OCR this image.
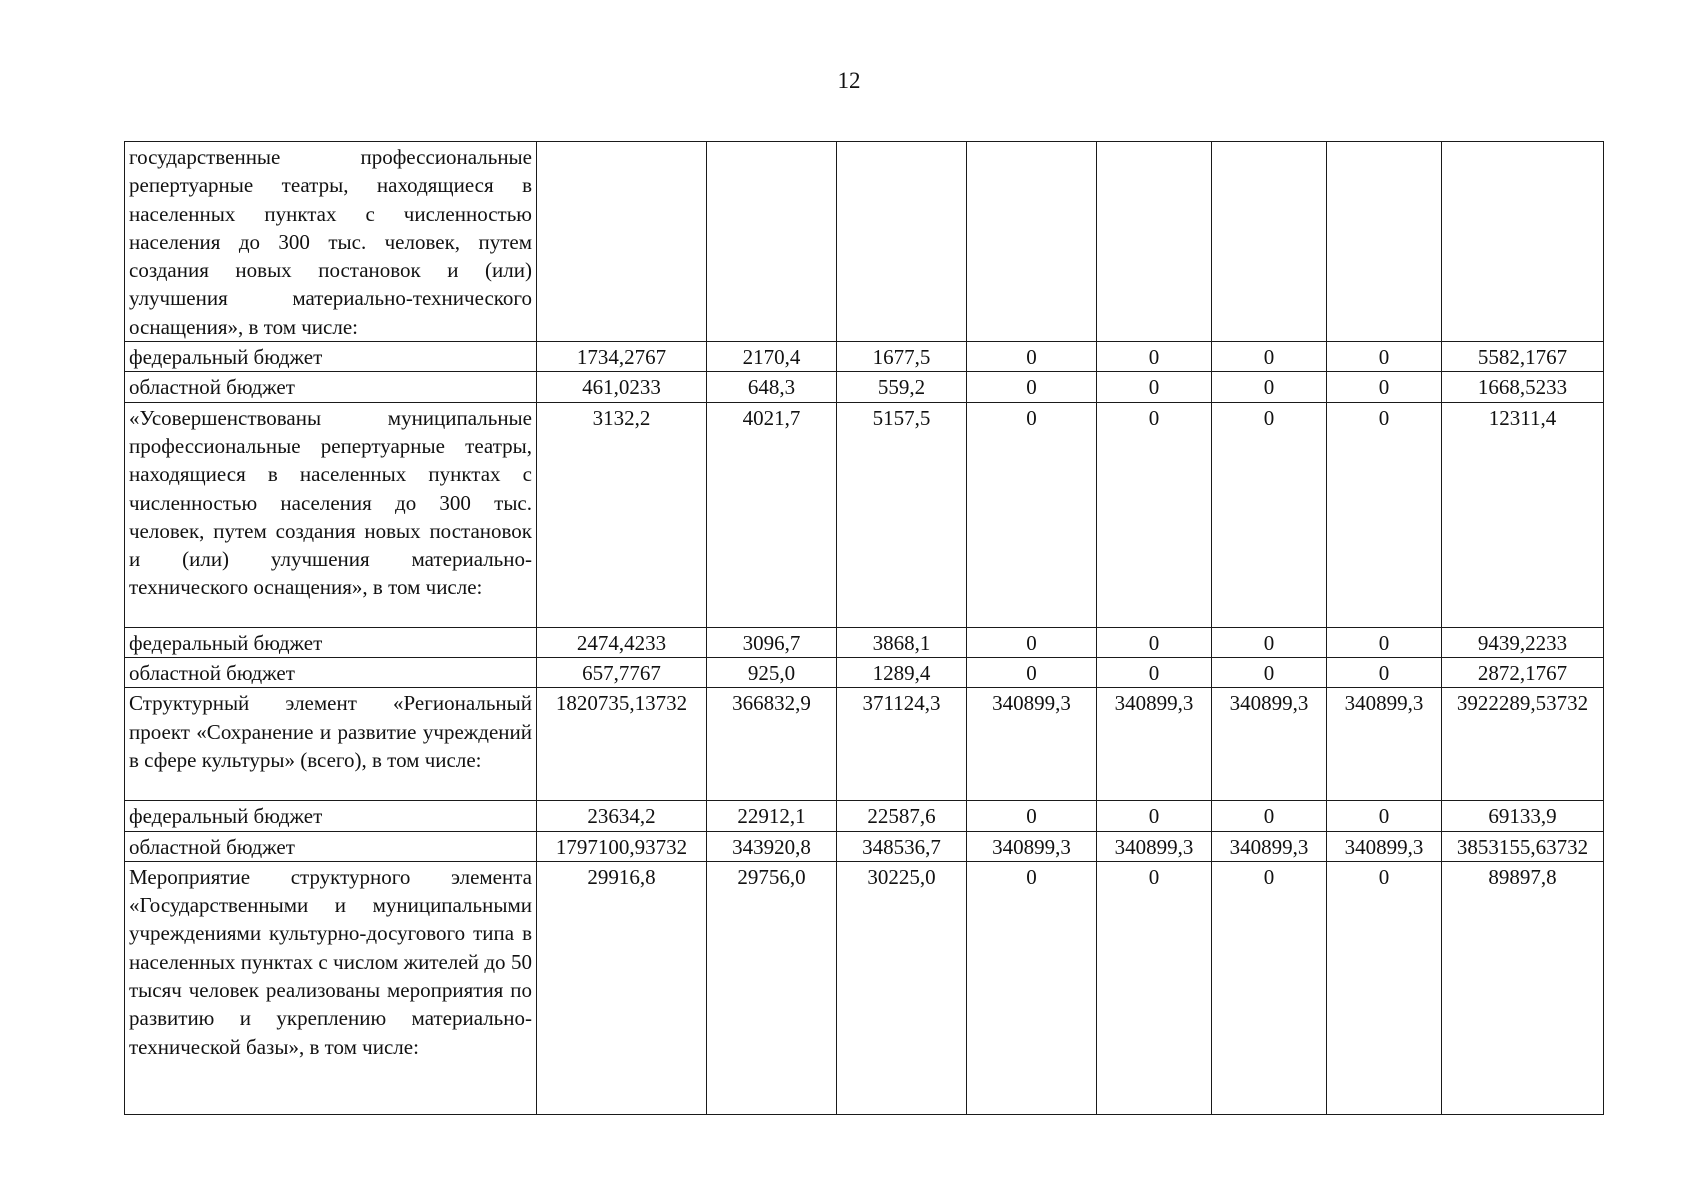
12
государственные профессиональные репертуарные театры, находящиеся в населенных пунктах с численностью населения до 300 тыс. человек, путем создания новых постановок и (или) улучшения материально-технического оснащения», в том числе:								
федеральный бюджет	1734,2767	2170,4	1677,5	0	0	0	0	5582,1767
областной бюджет	461,0233	648,3	559,2	0	0	0	0	1668,5233
«Усовершенствованы муниципальные профессиональные репертуарные театры, находящиеся в населенных пунктах с численностью населения до 300 тыс. человек, путем создания новых постановок и (или) улучшения материально-технического оснащения», в том числе:	3132,2	4021,7	5157,5	0	0	0	0	12311,4
федеральный бюджет	2474,4233	3096,7	3868,1	0	0	0	0	9439,2233
областной бюджет	657,7767	925,0	1289,4	0	0	0	0	2872,1767
Структурный элемент «Региональный проект «Сохранение и развитие учреждений в сфере культуры» (всего), в том числе:	1820735,13732	366832,9	371124,3	340899,3	340899,3	340899,3	340899,3	3922289,53732
федеральный бюджет	23634,2	22912,1	22587,6	0	0	0	0	69133,9
областной бюджет	1797100,93732	343920,8	348536,7	340899,3	340899,3	340899,3	340899,3	3853155,63732
Мероприятие структурного элемента «Государственными и муниципальными учреждениями культурно-досугового типа в населенных пунктах с числом жителей до 50 тысяч человек реализованы мероприятия по развитию и укреплению материально-технической базы», в том числе:	29916,8	29756,0	30225,0	0	0	0	0	89897,8
